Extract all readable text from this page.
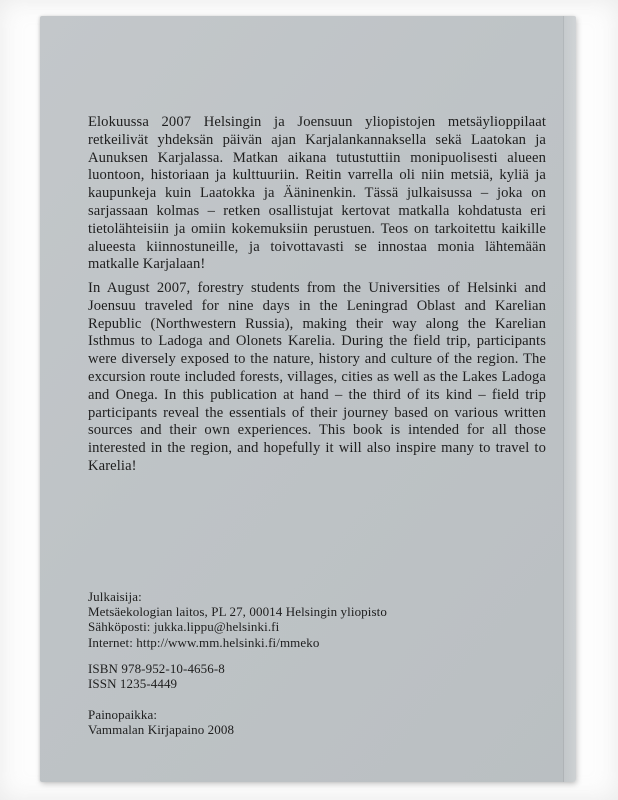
Elokuussa 2007 Helsingin ja Joensuun yliopistojen metsäylioppilaat retkeilivät yhdeksän päivän ajan Karjalankannaksella sekä Laatokan ja Aunuksen Karjalassa. Matkan aikana tutustuttiin monipuolisesti alueen luontoon, historiaan ja kulttuuriin. Reitin varrella oli niin metsiä, kyliä ja kaupunkeja kuin Laatokka ja Ääninenkin. Tässä julkaisussa – joka on sarjassaan kolmas – retken osallistujat kertovat matkalla kohdatusta eri tietolähteisiin ja omiin kokemuksiin perustuen. Teos on tarkoitettu kaikille alueesta kiinnostuneille, ja toivottavasti se innostaa monia lähtemään matkalle Karjalaan!

In August 2007, forestry students from the Universities of Helsinki and Joensuu traveled for nine days in the Leningrad Oblast and Karelian Republic (Northwestern Russia), making their way along the Karelian Isthmus to Ladoga and Olonets Karelia. During the field trip, participants were diversely exposed to the nature, history and culture of the region. The excursion route included forests, villages, cities as well as the Lakes Ladoga and Onega. In this publication at hand – the third of its kind – field trip participants reveal the essentials of their journey based on various written sources and their own experiences. This book is intended for all those interested in the region, and hopefully it will also inspire many to travel to Karelia!

Julkaisija:
Metsäekologian laitos, PL 27, 00014 Helsingin yliopisto
Sähköposti: jukka.lippu@helsinki.fi
Internet: http://www.mm.helsinki.fi/mmeko
ISBN 978-952-10-4656-8
ISSN 1235-4449
Painopaikka:
Vammalan Kirjapaino 2008
